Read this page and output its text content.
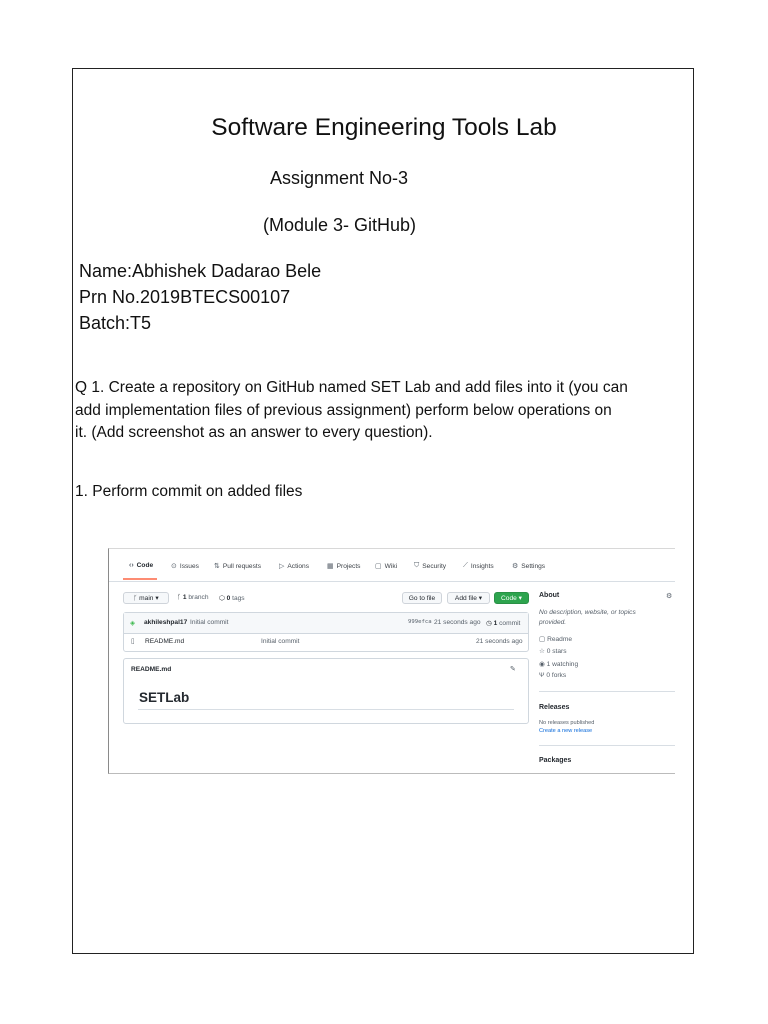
Software Engineering Tools Lab
Assignment No-3
(Module 3- GitHub)
Name:Abhishek Dadarao Bele
Prn No.2019BTECS00107
Batch:T5
Q 1. Create a repository on GitHub named SET Lab and add files into it (you can
add implementation files of previous assignment) perform below operations on
it. (Add screenshot as an answer to every question).
1. Perform commit on added files
‹› Code	⊙ Issues ⇅ Pull requests	▷ Actions	▦ Projects ▢ Wiki ⛉ Security ⟋ Insights	⚙ Settings
ᚴ main ▾	ᚴ 1 branch ⬡ 0 tags	Go to file	Add file ▾	Code ▾
◈ akhileshpal17 Initial commit	999efca 21 seconds ago ◷ 1 commit
▯ README.md	Initial commit	21 seconds ago
README.md	✎
SETLab
About	⚙
No description, website, or topics provided.
▢ Readme
☆ 0 stars
◉ 1 watching
Ψ 0 forks
Releases
No releases published
Create a new release
Packages
